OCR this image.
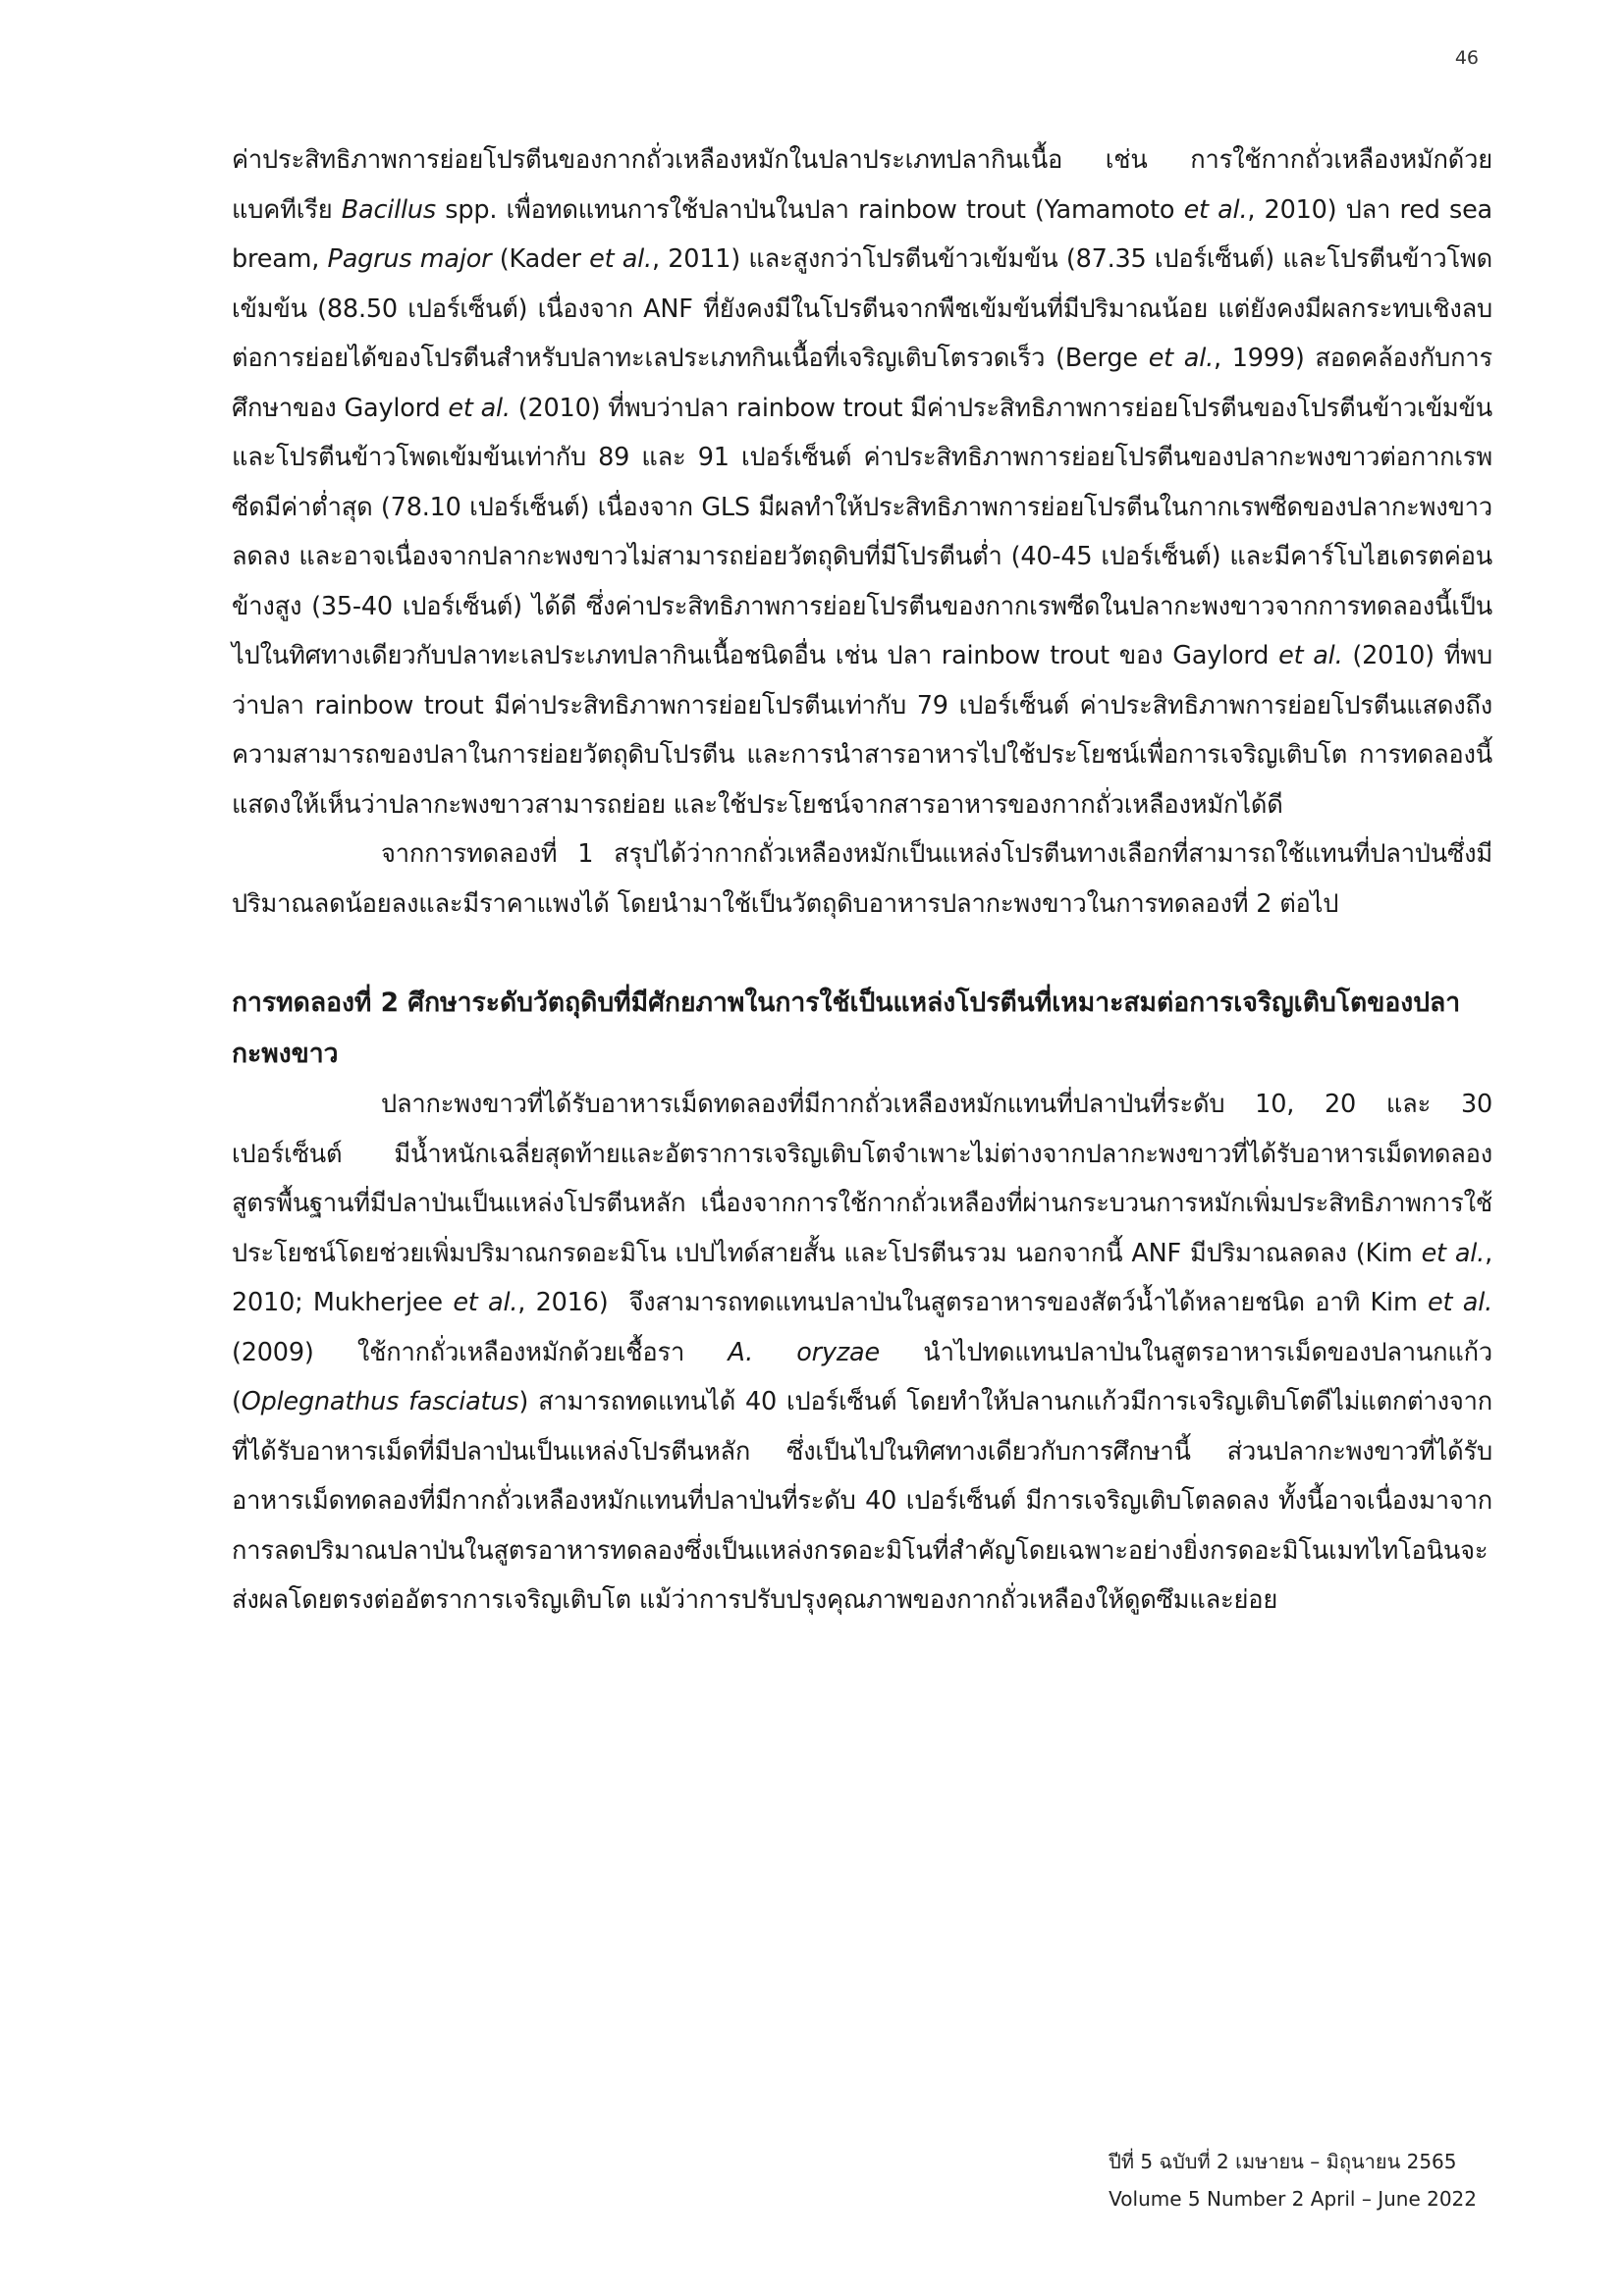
46

ค่าประสิทธิภาพการย่อยโปรตีนของกากถั่วเหลืองหมักในปลาประเภทปลากินเนื้อ เช่น การใช้กากถั่วเหลืองหมักด้วยแบคทีเรีย Bacillus spp. เพื่อทดแทนการใช้ปลาป่นในปลา rainbow trout (Yamamoto et al., 2010) ปลา red sea bream, Pagrus major (Kader et al., 2011) และสูงกว่าโปรตีนข้าวเข้มข้น (87.35 เปอร์เซ็นต์) และโปรตีนข้าวโพดเข้มข้น (88.50 เปอร์เซ็นต์) เนื่องจาก ANF ที่ยังคงมีในโปรตีนจากพืชเข้มข้นที่มีปริมาณน้อย แต่ยังคงมีผลกระทบเชิงลบต่อการย่อยได้ของโปรตีนสำหรับปลาทะเลประเภทกินเนื้อที่เจริญเติบโตรวดเร็ว (Berge et al., 1999) สอดคล้องกับการศึกษาของ Gaylord et al. (2010) ที่พบว่าปลา rainbow trout มีค่าประสิทธิภาพการย่อยโปรตีนของโปรตีนข้าวเข้มข้นและโปรตีนข้าวโพดเข้มข้นเท่ากับ 89 และ 91 เปอร์เซ็นต์ ค่าประสิทธิภาพการย่อยโปรตีนของปลากะพงขาวต่อกากเรพซีดมีค่าต่ำสุด (78.10 เปอร์เซ็นต์) เนื่องจาก GLS มีผลทำให้ประสิทธิภาพการย่อยโปรตีนในกากเรพซีดของปลากะพงขาวลดลง และอาจเนื่องจากปลากะพงขาวไม่สามารถย่อยวัตถุดิบที่มีโปรตีนต่ำ (40-45 เปอร์เซ็นต์) และมีคาร์โบไฮเดรตค่อนข้างสูง (35-40 เปอร์เซ็นต์) ได้ดี ซึ่งค่าประสิทธิภาพการย่อยโปรตีนของกากเรพซีดในปลากะพงขาวจากการทดลองนี้เป็นไปในทิศทางเดียวกับปลาทะเลประเภทปลากินเนื้อชนิดอื่น เช่น ปลา rainbow trout ของ Gaylord et al. (2010) ที่พบว่าปลา rainbow trout มีค่าประสิทธิภาพการย่อยโปรตีนเท่ากับ 79 เปอร์เซ็นต์ ค่าประสิทธิภาพการย่อยโปรตีนแสดงถึงความสามารถของปลาในการย่อยวัตถุดิบโปรตีน และการนำสารอาหารไปใช้ประโยชน์เพื่อการเจริญเติบโต การทดลองนี้แสดงให้เห็นว่าปลากะพงขาวสามารถย่อย และใช้ประโยชน์จากสารอาหารของกากถั่วเหลืองหมักได้ดี

จากการทดลองที่ 1 สรุปได้ว่ากากถั่วเหลืองหมักเป็นแหล่งโปรตีนทางเลือกที่สามารถใช้แทนที่ปลาป่นซึ่งมีปริมาณลดน้อยลงและมีราคาแพงได้ โดยนำมาใช้เป็นวัตถุดิบอาหารปลากะพงขาวในการทดลองที่ 2 ต่อไป

การทดลองที่ 2 ศึกษาระดับวัตถุดิบที่มีศักยภาพในการใช้เป็นแหล่งโปรตีนที่เหมาะสมต่อการเจริญเติบโตของปลากะพงขาว

ปลากะพงขาวที่ได้รับอาหารเม็ดทดลองที่มีกากถั่วเหลืองหมักแทนที่ปลาป่นที่ระดับ 10, 20 และ 30 เปอร์เซ็นต์ มีน้ำหนักเฉลี่ยสุดท้ายและอัตราการเจริญเติบโตจำเพาะไม่ต่างจากปลากะพงขาวที่ได้รับอาหารเม็ดทดลองสูตรพื้นฐานที่มีปลาป่นเป็นแหล่งโปรตีนหลัก เนื่องจากการใช้กากถั่วเหลืองที่ผ่านกระบวนการหมักเพิ่มประสิทธิภาพการใช้ประโยชน์โดยช่วยเพิ่มปริมาณกรดอะมิโน เปปไทด์สายสั้น และโปรตีนรวม นอกจากนี้ ANF มีปริมาณลดลง (Kim et al., 2010; Mukherjee et al., 2016)  จึงสามารถทดแทนปลาป่นในสูตรอาหารของสัตว์น้ำได้หลายชนิด อาทิ Kim et al. (2009) ใช้กากถั่วเหลืองหมักด้วยเชื้อรา A. oryzae นำไปทดแทนปลาป่นในสูตรอาหารเม็ดของปลานกแก้ว (Oplegnathus fasciatus) สามารถทดแทนได้ 40 เปอร์เซ็นต์ โดยทำให้ปลานกแก้วมีการเจริญเติบโตดีไม่แตกต่างจากที่ได้รับอาหารเม็ดที่มีปลาป่นเป็นแหล่งโปรตีนหลัก ซึ่งเป็นไปในทิศทางเดียวกับการศึกษานี้ ส่วนปลากะพงขาวที่ได้รับอาหารเม็ดทดลองที่มีกากถั่วเหลืองหมักแทนที่ปลาป่นที่ระดับ 40 เปอร์เซ็นต์ มีการเจริญเติบโตลดลง ทั้งนี้อาจเนื่องมาจากการลดปริมาณปลาป่นในสูตรอาหารทดลองซึ่งเป็นแหล่งกรดอะมิโนที่สำคัญโดยเฉพาะอย่างยิ่งกรดอะมิโนเมทไทโอนินจะส่งผลโดยตรงต่ออัตราการเจริญเติบโต แม้ว่าการปรับปรุงคุณภาพของกากถั่วเหลืองให้ดูดซึมและย่อย

ปีที่ 5 ฉบับที่ 2 เมษายน – มิถุนายน 2565
Volume 5 Number 2 April – June 2022
